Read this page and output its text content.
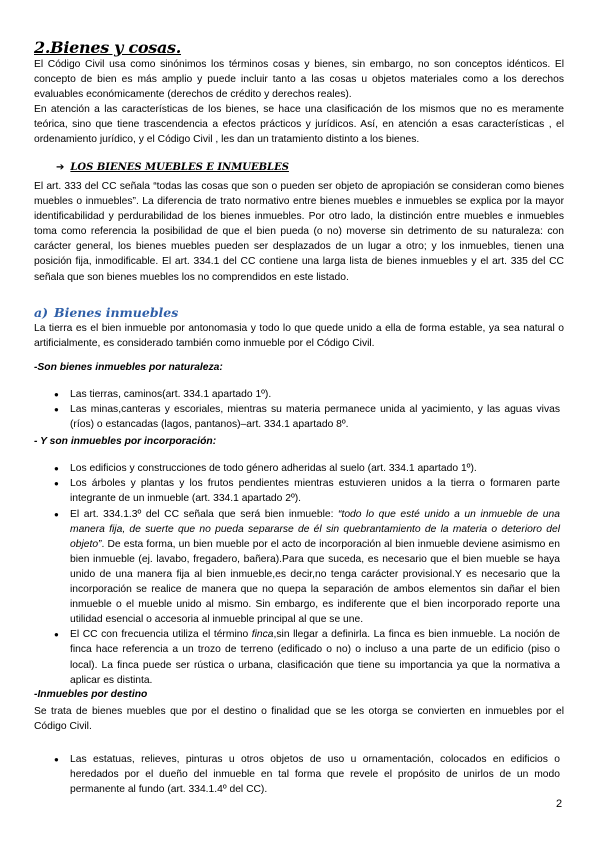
2.Bienes y cosas.

El Código Civil usa como sinónimos los términos cosas y bienes, sin embargo, no son conceptos idénticos. El concepto de bien es más amplio y puede incluir tanto a las cosas u objetos materiales como a los derechos evaluables económicamente (derechos de crédito y derechos reales).

En atención a las características de los bienes, se hace una clasificación de los mismos que no es meramente teórica, sino que tiene trascendencia a efectos prácticos y jurídicos. Así, en atención a esas características , el ordenamiento jurídico, y el Código Civil , les dan un tratamiento distinto a los bienes.

➔ LOS BIENES MUEBLES E INMUEBLES

El art. 333 del CC señala “todas las cosas que son o pueden ser objeto de apropiación se consideran como bienes muebles o inmuebles”. La diferencia de trato normativo entre bienes muebles e inmuebles se explica por la mayor identificabilidad y perdurabilidad de los bienes inmuebles. Por otro lado, la distinción entre muebles e inmuebles toma como referencia la posibilidad de que el bien pueda (o no) moverse sin detrimento de su naturaleza: con carácter general, los bienes muebles pueden ser desplazados de un lugar a otro; y los inmuebles, tienen una posición fija, inmodificable. El art. 334.1 del CC contiene una larga lista de bienes inmuebles y el art. 335 del CC señala que son bienes muebles los no comprendidos en este listado.

a) Bienes inmuebles

La tierra es el bien inmueble por antonomasia y todo lo que quede unido a ella de forma estable, ya sea natural o artificialmente, es considerado también como inmueble por el Código Civil.

-Son bienes inmuebles por naturaleza:
● Las tierras, caminos(art. 334.1 apartado 1º).
● Las minas,canteras y escoriales, mientras su materia permanece unida al yacimiento, y las aguas vivas (ríos) o estancadas (lagos, pantanos)–art. 334.1 apartado 8º.
- Y son inmuebles por incorporación:
● Los edificios y construcciones de todo género adheridas al suelo (art. 334.1 apartado 1º).
● Los árboles y plantas y los frutos pendientes mientras estuvieren unidos a la tierra o formaren parte integrante de un inmueble (art. 334.1 apartado 2º).
● El art. 334.1.3º del CC señala que será bien inmueble: “todo lo que esté unido a un inmueble de una manera fija, de suerte que no pueda separarse de él sin quebrantamiento de la materia o deterioro del objeto”. De esta forma, un bien mueble por el acto de incorporación al bien inmueble deviene asimismo en bien inmueble (ej. lavabo, fregadero, bañera).Para que suceda, es necesario que el bien mueble se haya unido de una manera fija al bien inmueble,es decir,no tenga carácter provisional.Y es necesario que la incorporación se realice de manera que no quepa la separación de ambos elementos sin dañar el bien inmueble o el mueble unido al mismo. Sin embargo, es indiferente que el bien incorporado reporte una utilidad esencial o accesoria al inmueble principal al que se une.
● El CC con frecuencia utiliza el término finca,sin llegar a definirla. La finca es bien inmueble. La noción de finca hace referencia a un trozo de terreno (edificado o no) o incluso a una parte de un edificio (piso o local). La finca puede ser rústica o urbana, clasificación que tiene su importancia ya que la normativa a aplicar es distinta.
-Inmuebles por destino

Se trata de bienes muebles que por el destino o finalidad que se les otorga se convierten en inmuebles por el Código Civil.

● Las estatuas, relieves, pinturas u otros objetos de uso u ornamentación, colocados en edificios o heredados por el dueño del inmueble en tal forma que revele el propósito de unirlos de un modo permanente al fundo (art. 334.1.4º del CC).
2
